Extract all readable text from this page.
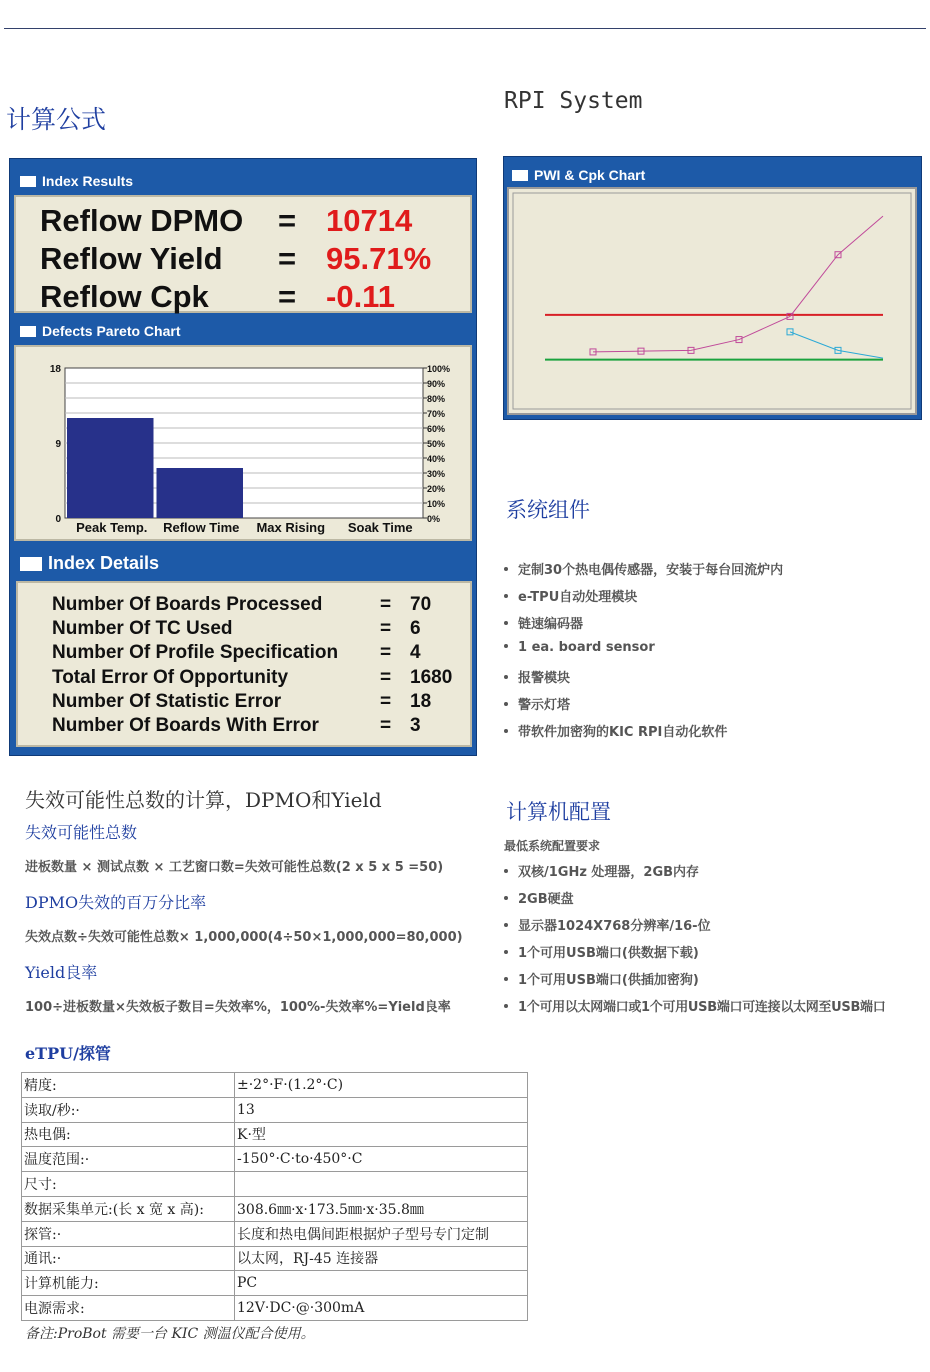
计算公式
RPI System
Index Results
Reflow DPMO = 10714
Reflow Yield = 95.71%
Reflow Cpk = -0.11
Defects Pareto Chart
100%
90%
80%
70%
60%
50%
40%
30%
20%
10%
0%
18
9
0
Peak Temp. Reflow Time Max Rising Soak Time
Index Details
Number Of Boards Processed	= 70
Number Of TC Used	= 6
Number Of Profile Specification = 4
Total Error Of Opportunity	= 1680
Number Of Statistic Error	= 18
Number Of Boards With Error	= 3
PWI & Cpk Chart
系统组件
定制30个热电偶传感器，安装于每台回流炉内
e-TPU自动处理模块
链速编码器
1 ea. board sensor
报警模块
警示灯塔
带软件加密狗的KIC RPI自动化软件
失效可能性总数的计算，DPMO和Yield
失效可能性总数
进板数量 × 测试点数 × 工艺窗口数=失效可能性总数(2 x 5 x 5 =50)
DPMO失效的百万分比率
失效点数÷失效可能性总数× 1,000,000(4÷50×1,000,000=80,000)
Yield良率
100÷进板数量×失效板子数目=失效率%，100%-失效率%=Yield良率
计算机配置
最低系统配置要求
双核/1GHz 处理器，2GB内存
2GB硬盘
显示器1024X768分辨率/16-位
1个可用USB端口(供数据下载)
1个可用USB端口(供插加密狗)
1个可用以太网端口或1个可用USB端口可连接以太网至USB端口
eTPU/探管
精度:	±·2°·F·(1.2°·C)
读取/秒:·	13
热电偶:	K·型
温度范围:·	-150°·C·to·450°·C
尺寸:	
数据采集单元:(长 x 宽 x 高):	308.6㎜·x·173.5㎜·x·35.8㎜
探管:·	长度和热电偶间距根据炉子型号专门定制
通讯:·	以太网，RJ-45 连接器
计算机能力:	PC
电源需求:	12V·DC·@·300mA
备注:ProBot 需要一台 KIC 测温仪配合使用。
